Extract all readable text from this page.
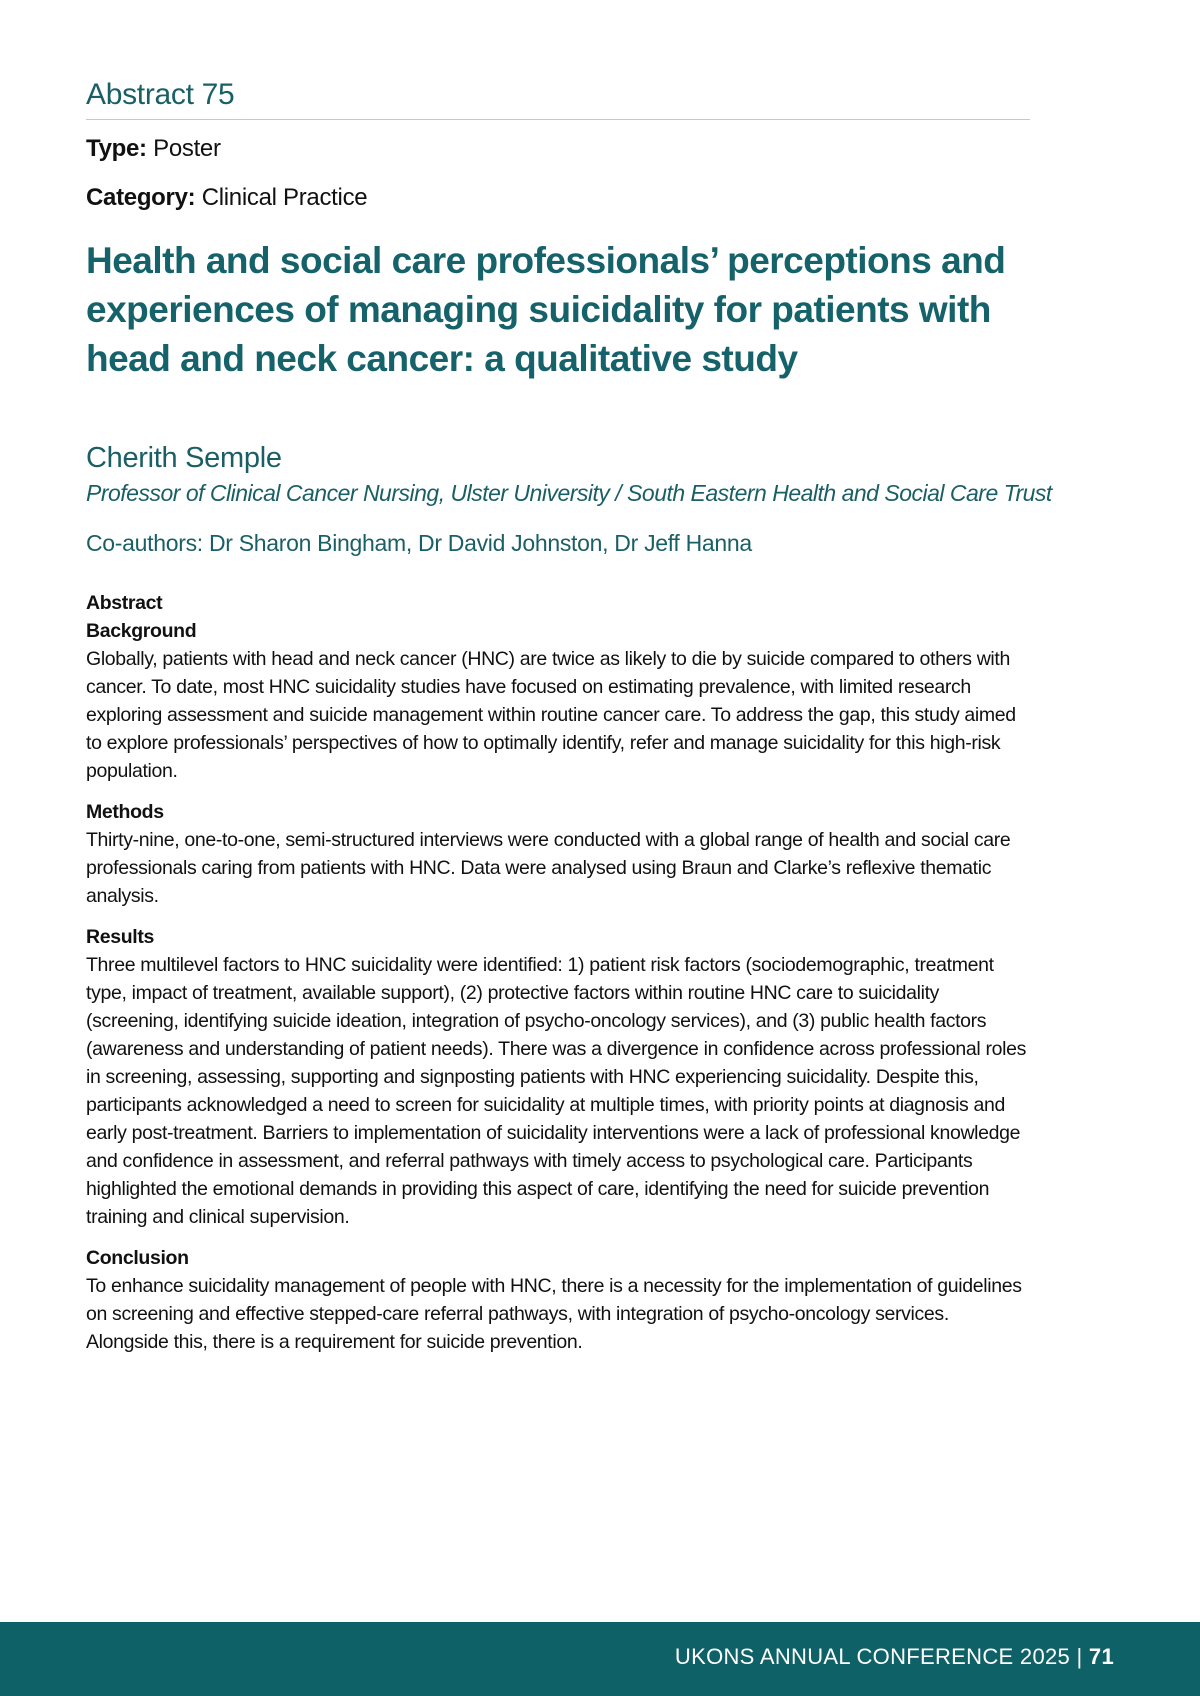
Abstract 75
Type: Poster
Category: Clinical Practice
Health and social care professionals’ perceptions and experiences of managing suicidality for patients with head and neck cancer: a qualitative study
Cherith Semple
Professor of Clinical Cancer Nursing, Ulster University / South Eastern Health and Social Care Trust
Co-authors: Dr Sharon Bingham, Dr David Johnston, Dr Jeff Hanna
Abstract
Background

Globally, patients with head and neck cancer (HNC) are twice as likely to die by suicide compared to others with cancer. To date, most HNC suicidality studies have focused on estimating prevalence, with limited research exploring assessment and suicide management within routine cancer care. To address the gap, this study aimed to explore professionals’ perspectives of how to optimally identify, refer and manage suicidality for this high-risk population.

Methods

Thirty-nine, one-to-one, semi-structured interviews were conducted with a global range of health and social care professionals caring from patients with HNC. Data were analysed using Braun and Clarke’s reflexive thematic analysis.

Results

Three multilevel factors to HNC suicidality were identified: 1) patient risk factors (sociodemographic, treatment type, impact of treatment, available support), (2) protective factors within routine HNC care to suicidality (screening, identifying suicide ideation, integration of psycho-oncology services), and (3) public health factors (awareness and understanding of patient needs). There was a divergence in confidence across professional roles in screening, assessing, supporting and signposting patients with HNC experiencing suicidality. Despite this, participants acknowledged a need to screen for suicidality at multiple times, with priority points at diagnosis and early post-treatment. Barriers to implementation of suicidality interventions were a lack of professional knowledge and confidence in assessment, and referral pathways with timely access to psychological care. Participants highlighted the emotional demands in providing this aspect of care, identifying the need for suicide prevention training and clinical supervision.

Conclusion

To enhance suicidality management of people with HNC, there is a necessity for the implementation of guidelines on screening and effective stepped-care referral pathways, with integration of psycho-oncology services. Alongside this, there is a requirement for suicide prevention.

UKONS ANNUAL CONFERENCE 2025 | 71
